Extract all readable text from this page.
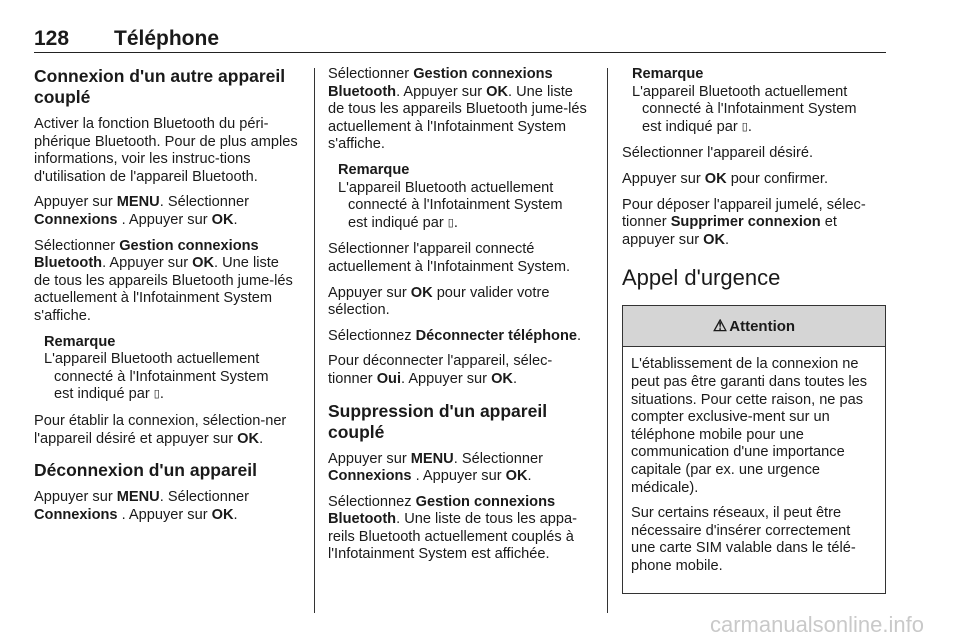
128 Téléphone
Connexion d'un autre appareil couplé

Activer la fonction Bluetooth du péri-phérique Bluetooth. Pour de plus amples informations, voir les instruc-tions d'utilisation de l'appareil Bluetooth.

Appuyer sur MENU. Sélectionner Connexions . Appuyer sur OK.

Sélectionner Gestion connexions Bluetooth. Appuyer sur OK. Une liste de tous les appareils Bluetooth jume-lés actuellement à l'Infotainment System s'affiche.

Remarque
L'appareil Bluetooth actuellement
connecté à l'Infotainment System
est indiqué par ▯.

Pour établir la connexion, sélection-ner l'appareil désiré et appuyer sur OK.

Déconnexion d'un appareil

Appuyer sur MENU. Sélectionner Connexions . Appuyer sur OK.

Sélectionner Gestion connexions Bluetooth. Appuyer sur OK. Une liste de tous les appareils Bluetooth jume-lés actuellement à l'Infotainment System s'affiche.

Remarque
L'appareil Bluetooth actuellement
connecté à l'Infotainment System
est indiqué par ▯.

Sélectionner l'appareil connecté actuellement à l'Infotainment System.

Appuyer sur OK pour valider votre sélection.

Sélectionnez Déconnecter téléphone.

Pour déconnecter l'appareil, sélec-tionner Oui. Appuyer sur OK.

Suppression d'un appareil couplé

Appuyer sur MENU. Sélectionner Connexions . Appuyer sur OK.

Sélectionnez Gestion connexions Bluetooth. Une liste de tous les appa-reils Bluetooth actuellement couplés à l'Infotainment System est affichée.

Remarque
L'appareil Bluetooth actuellement
connecté à l'Infotainment System
est indiqué par ▯.

Sélectionner l'appareil désiré.

Appuyer sur OK pour confirmer.

Pour déposer l'appareil jumelé, sélec-tionner Supprimer connexion et appuyer sur OK.

Appel d'urgence
⚠ Attention

L'établissement de la connexion ne peut pas être garanti dans toutes les situations. Pour cette raison, ne pas compter exclusive-ment sur un téléphone mobile pour une communication d'une importance capitale (par ex. une urgence médicale).

Sur certains réseaux, il peut être nécessaire d'insérer correctement une carte SIM valable dans le télé-phone mobile.

carmanualsonline.info
